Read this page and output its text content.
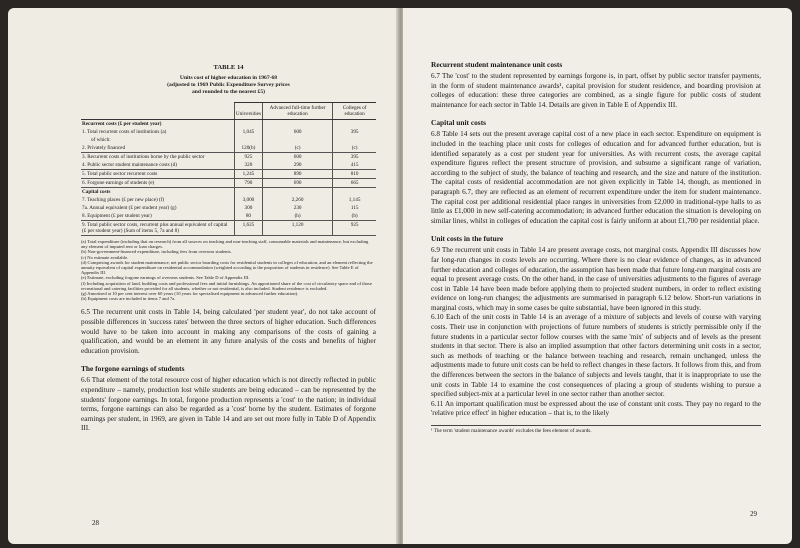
TABLE 14
Units cost of higher education in 1967-68
(adjusted to 1969 Public Expenditure Survey prices
and rounded to the nearest £5)
	Universities	Advanced full-time further education	Colleges of education
Recurrent costs (£ per student year)			
1. Total recurrent costs of institutions (a)	1,045	600	395
of which:			
2. Privately financed	120(b)	(c)	(c)
3. Recurrent costs of institutions borne by the public sector	925	600	395
4. Public sector student maintenance costs (d)	320	290	415
5. Total public sector recurrent costs	1,245	890	810
6. Forgone earnings of students (e)	790	690	665
Capital costs			
7. Teaching places (£ per new place) (f)	3,000	2,260	1,145
7a. Annual equivalent (£ per student year) (g)	300	230	115
8. Equipment (£ per student year)	80	(h)	(b)
9. Total public sector costs, recurrent plus annual equivalent of capital (£ per student year) (Sum of items 5, 7a and 8)	1,625	1,120	925

(a) Total expenditure (including that on research) from all sources on teaching and non-teaching staff, consumable materials and maintenance, but excluding any element of imputed rent or loan charges.

(b) Non-government-financed expenditure, including fees from overseas students.

(c) No estimate available.

(d) Comprising awards for student maintenance, net public sector boarding costs for residential students in colleges of education, and an element reflecting the annuity equivalent of capital expenditure on residential accommodation (weighted according to the proportion of students in residence). See Table E of Appendix III.

(e) Estimate, excluding forgone earnings of overseas students. See Table D of Appendix III.

(f) Including acquisition of land, building costs and professional fees and initial furnishings. An apportioned share of the cost of circulatory space and of those recreational and catering facilities provided for all students, whether or not residential, is also included. Student residence is excluded.

(g) Amortised at 10 per cent interest over 60 years (10 years for specialised equipment in advanced further education).

(h) Equipment costs are included in items 7 and 7a.

6.5 The recurrent unit costs in Table 14, being calculated 'per student year', do not take account of possible differences in 'success rates' between the three sectors of higher education. Such differences would have to be taken into account in making any comparisons of the costs of gaining a qualification, and would be an element in any future analysis of the costs and benefits of higher education provision.

The forgone earnings of students

6.6 That element of the total resource cost of higher education which is not directly reflected in public expenditure – namely, production lost while students are being educated – can be represented by the students' forgone earnings. In total, forgone production represents a 'cost' to the nation; in individual terms, forgone earnings can also be regarded as a 'cost' borne by the student. Estimates of forgone earnings per student, in 1969, are given in Table 14 and are set out more fully in Table D of Appendix III.

28
Recurrent student maintenance unit costs

6.7 The 'cost' to the student represented by earnings forgone is, in part, offset by public sector transfer payments, in the form of student maintenance awards¹, capital provision for student residence, and boarding provision at colleges of education: these three categories are combined, as a single figure for public costs of student maintenance for each sector in Table 14. Details are given in Table E of Appendix III.

Capital unit costs

6.8 Table 14 sets out the present average capital cost of a new place in each sector. Expenditure on equipment is included in the teaching place unit costs for colleges of education and for advanced further education, but is identified separately as a cost per student year for universities. As with recurrent costs, the average capital expenditure figures reflect the present structure of provision, and subsume a significant range of variation, according to the subject of study, the balance of teaching and research, and the size and nature of the institution. The capital costs of residential accommodation are not given explicitly in Table 14, though, as mentioned in paragraph 6.7, they are reflected as an element of recurrent expenditure under the item for student maintenance. The capital cost per additional residential place ranges in universities from £2,000 in traditional-type halls to as little as £1,000 in new self-catering accommodation; in advanced further education the situation is developing on similar lines, whilst in colleges of education the capital cost is fairly uniform at about £1,700 per residential place.

Unit costs in the future

6.9 The recurrent unit costs in Table 14 are present average costs, not marginal costs. Appendix III discusses how far long-run changes in costs levels are occurring. Where there is no clear evidence of changes, as in advanced further education and colleges of education, the assumption has been made that future long-run marginal costs are equal to present average costs. On the other hand, in the case of universities adjustments to the figures of average cost in Table 14 have been made before applying them to projected student numbers, in order to reflect existing evidence on long-run changes; the adjustments are summarised in paragraph 6.12 below. Short-run variations in marginal costs, which may in some cases be quite substantial, have been ignored in this study.

6.10 Each of the unit costs in Table 14 is an average of a mixture of subjects and levels of course with varying costs. Their use in conjunction with projections of future numbers of students is strictly permissible only if the future students in a particular sector follow courses with the same 'mix' of subjects and of levels as the present students in that sector. There is also an implied assumption that other factors determining unit costs in a sector, such as methods of teaching or the balance between teaching and research, remain unchanged, unless the adjustments made to future unit costs can be held to reflect changes in these factors. It follows from this, and from the differences between the sectors in the balance of subjects and levels taught, that it is inappropriate to use the unit costs in Table 14 to examine the cost consequences of placing a group of students wishing to pursue a specified subject-mix at a particular level in one sector rather than another sector.

6.11 An important qualification must be expressed about the use of constant unit costs. They pay no regard to the 'relative price effect' in higher education – that is, to the likely

¹ The term 'student maintenance awards' excludes the fees element of awards.
29
